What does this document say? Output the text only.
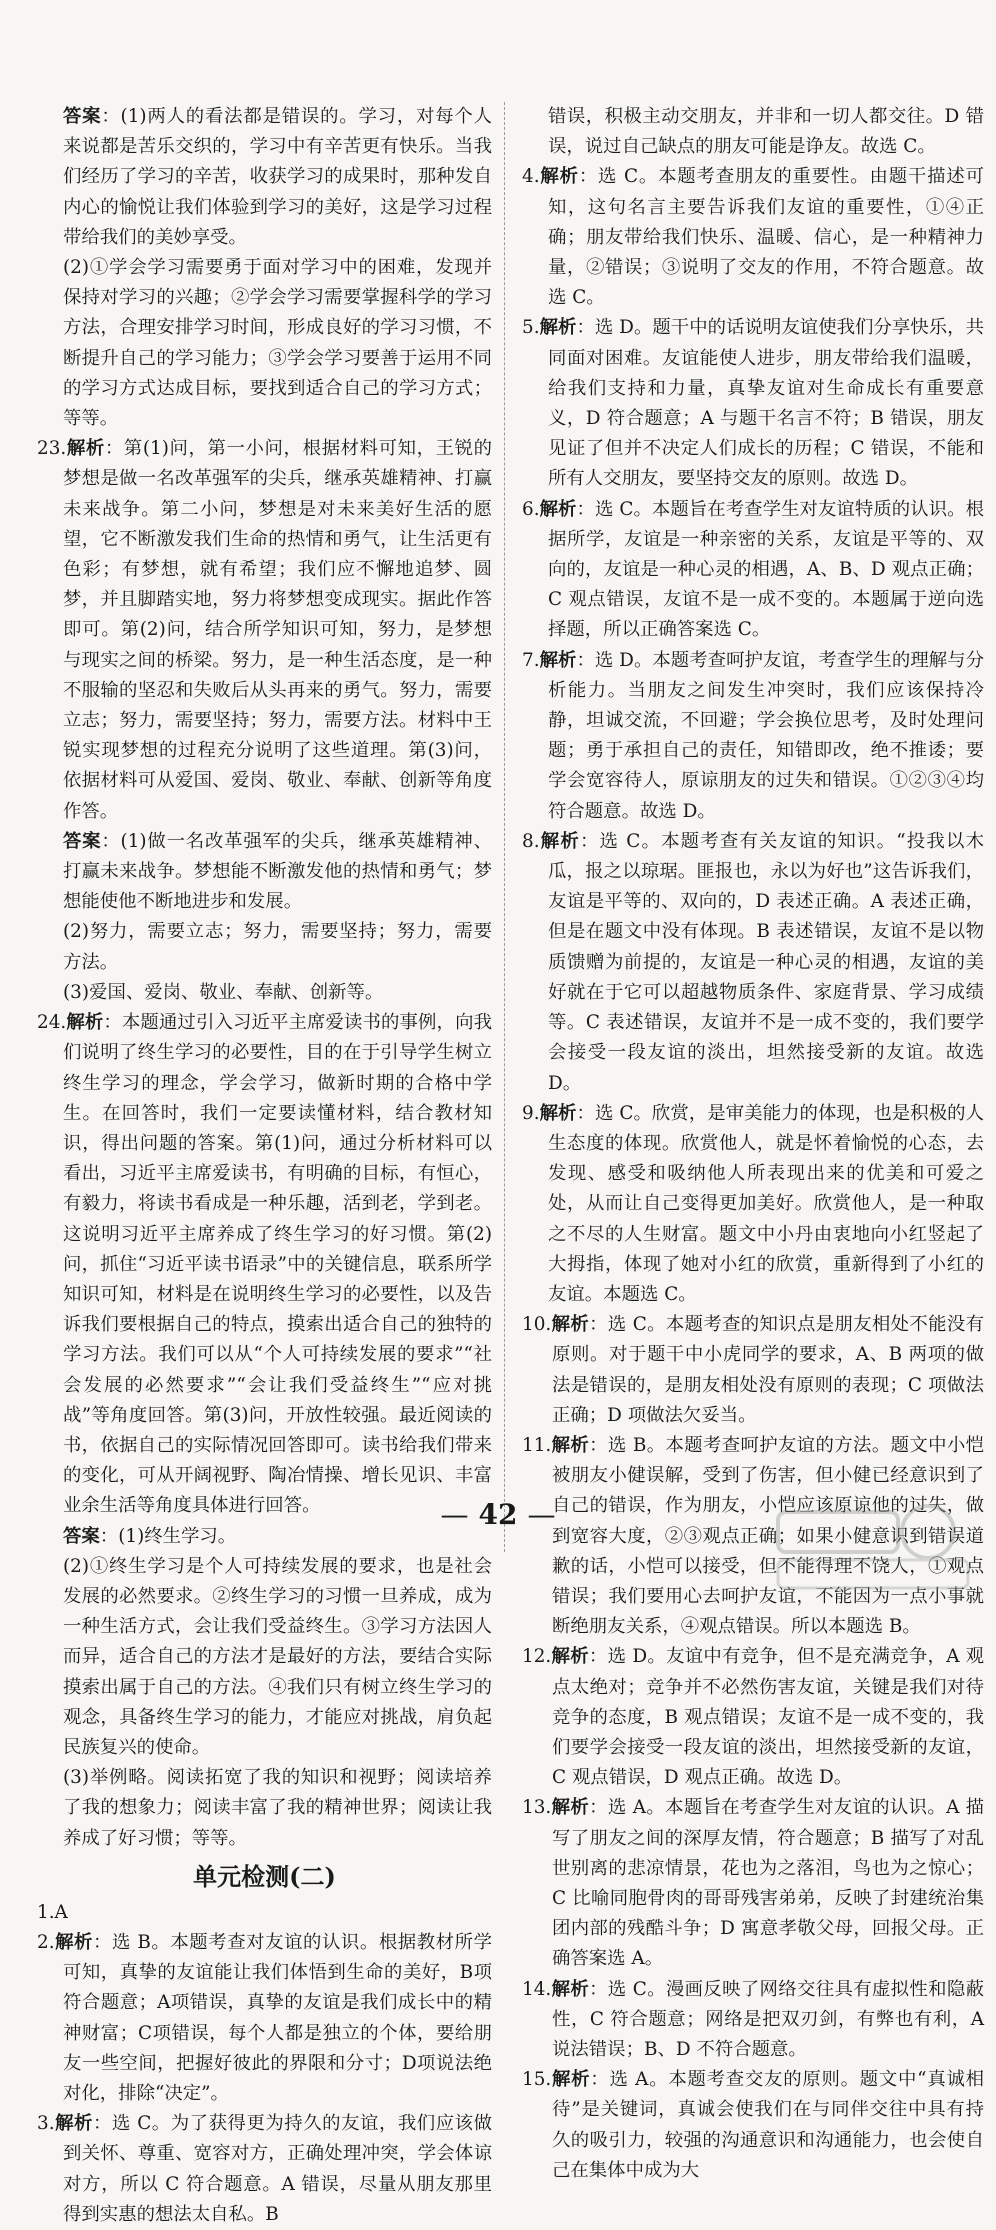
答案：(1)两人的看法都是错误的。学习，对每个人来说都是苦乐交织的，学习中有辛苦更有快乐。当我们经历了学习的辛苦，收获学习的成果时，那种发自内心的愉悦让我们体验到学习的美好，这是学习过程带给我们的美妙享受。

(2)①学会学习需要勇于面对学习中的困难，发现并保持对学习的兴趣；②学会学习需要掌握科学的学习方法，合理安排学习时间，形成良好的学习习惯，不断提升自己的学习能力；③学会学习要善于运用不同的学习方式达成目标，要找到适合自己的学习方式；等等。

23.解析：第(1)问，第一小问，根据材料可知，王锐的梦想是做一名改革强军的尖兵，继承英雄精神、打赢未来战争。第二小问，梦想是对未来美好生活的愿望，它不断激发我们生命的热情和勇气，让生活更有色彩；有梦想，就有希望；我们应不懈地追梦、圆梦，并且脚踏实地，努力将梦想变成现实。据此作答即可。第(2)问，结合所学知识可知，努力，是梦想与现实之间的桥梁。努力，是一种生活态度，是一种不服输的坚忍和失败后从头再来的勇气。努力，需要立志；努力，需要坚持；努力，需要方法。材料中王锐实现梦想的过程充分说明了这些道理。第(3)问，依据材料可从爱国、爱岗、敬业、奉献、创新等角度作答。

答案：(1)做一名改革强军的尖兵，继承英雄精神、打赢未来战争。梦想能不断激发他的热情和勇气；梦想能使他不断地进步和发展。

(2)努力，需要立志；努力，需要坚持；努力，需要方法。

(3)爱国、爱岗、敬业、奉献、创新等。

24.解析：本题通过引入习近平主席爱读书的事例，向我们说明了终生学习的必要性，目的在于引导学生树立终生学习的理念，学会学习，做新时期的合格中学生。在回答时，我们一定要读懂材料，结合教材知识，得出问题的答案。第(1)问，通过分析材料可以看出，习近平主席爱读书，有明确的目标，有恒心，有毅力，将读书看成是一种乐趣，活到老，学到老。这说明习近平主席养成了终生学习的好习惯。第(2)问，抓住“习近平读书语录”中的关键信息，联系所学知识可知，材料是在说明终生学习的必要性，以及告诉我们要根据自己的特点，摸索出适合自己的独特的学习方法。我们可以从“个人可持续发展的要求”“社会发展的必然要求”“会让我们受益终生”“应对挑战”等角度回答。第(3)问，开放性较强。最近阅读的书，依据自己的实际情况回答即可。读书给我们带来的变化，可从开阔视野、陶冶情操、增长见识、丰富业余生活等角度具体进行回答。

答案：(1)终生学习。

(2)①终生学习是个人可持续发展的要求，也是社会发展的必然要求。②终生学习的习惯一旦养成，成为一种生活方式，会让我们受益终生。③学习方法因人而异，适合自己的方法才是最好的方法，要结合实际摸索出属于自己的方法。④我们只有树立终生学习的观念，具备终生学习的能力，才能应对挑战，肩负起民族复兴的使命。

(3)举例略。阅读拓宽了我的知识和视野；阅读培养了我的想象力；阅读丰富了我的精神世界；阅读让我养成了好习惯；等等。

单元检测(二)

1.A

2.解析：选 B。本题考查对友谊的认识。根据教材所学可知，真挚的友谊能让我们体悟到生命的美好，B项符合题意；A项错误，真挚的友谊是我们成长中的精神财富；C项错误，每个人都是独立的个体，要给朋友一些空间，把握好彼此的界限和分寸；D项说法绝对化，排除“决定”。

3.解析：选 C。为了获得更为持久的友谊，我们应该做到关怀、尊重、宽容对方，正确处理冲突，学会体谅对方，所以 C 符合题意。A 错误，尽量从朋友那里得到实惠的想法太自私。B

错误，积极主动交朋友，并非和一切人都交往。D 错误，说过自己缺点的朋友可能是诤友。故选 C。

4.解析：选 C。本题考查朋友的重要性。由题干描述可知，这句名言主要告诉我们友谊的重要性，①④正确；朋友带给我们快乐、温暖、信心，是一种精神力量，②错误；③说明了交友的作用，不符合题意。故选 C。

5.解析：选 D。题干中的话说明友谊使我们分享快乐，共同面对困难。友谊能使人进步，朋友带给我们温暖，给我们支持和力量，真挚友谊对生命成长有重要意义，D 符合题意；A 与题干名言不符；B 错误，朋友见证了但并不决定人们成长的历程；C 错误，不能和所有人交朋友，要坚持交友的原则。故选 D。

6.解析：选 C。本题旨在考查学生对友谊特质的认识。根据所学，友谊是一种亲密的关系，友谊是平等的、双向的，友谊是一种心灵的相遇，A、B、D 观点正确；C 观点错误，友谊不是一成不变的。本题属于逆向选择题，所以正确答案选 C。

7.解析：选 D。本题考查呵护友谊，考查学生的理解与分析能力。当朋友之间发生冲突时，我们应该保持冷静，坦诚交流，不回避；学会换位思考，及时处理问题；勇于承担自己的责任，知错即改，绝不推诿；要学会宽容待人，原谅朋友的过失和错误。①②③④均符合题意。故选 D。

8.解析：选 C。本题考查有关友谊的知识。“投我以木瓜，报之以琼琚。匪报也，永以为好也”这告诉我们，友谊是平等的、双向的，D 表述正确。A 表述正确，但是在题文中没有体现。B 表述错误，友谊不是以物质馈赠为前提的，友谊是一种心灵的相遇，友谊的美好就在于它可以超越物质条件、家庭背景、学习成绩等。C 表述错误，友谊并不是一成不变的，我们要学会接受一段友谊的淡出，坦然接受新的友谊。故选 D。

9.解析：选 C。欣赏，是审美能力的体现，也是积极的人生态度的体现。欣赏他人，就是怀着愉悦的心态，去发现、感受和吸纳他人所表现出来的优美和可爱之处，从而让自己变得更加美好。欣赏他人，是一种取之不尽的人生财富。题文中小丹由衷地向小红竖起了大拇指，体现了她对小红的欣赏，重新得到了小红的友谊。本题选 C。

10.解析：选 C。本题考查的知识点是朋友相处不能没有原则。对于题干中小虎同学的要求，A、B 两项的做法是错误的，是朋友相处没有原则的表现；C 项做法正确；D 项做法欠妥当。

11.解析：选 B。本题考查呵护友谊的方法。题文中小恺被朋友小健误解，受到了伤害，但小健已经意识到了自己的错误，作为朋友，小恺应该原谅他的过失，做到宽容大度，②③观点正确；如果小健意识到错误道歉的话，小恺可以接受，但不能得理不饶人，①观点错误；我们要用心去呵护友谊，不能因为一点小事就断绝朋友关系，④观点错误。所以本题选 B。

12.解析：选 D。友谊中有竞争，但不是充满竞争，A 观点太绝对；竞争并不必然伤害友谊，关键是我们对待竞争的态度，B 观点错误；友谊不是一成不变的，我们要学会接受一段友谊的淡出，坦然接受新的友谊，C 观点错误，D 观点正确。故选 D。

13.解析：选 A。本题旨在考查学生对友谊的认识。A 描写了朋友之间的深厚友情，符合题意；B 描写了对乱世别离的悲凉情景，花也为之落泪，鸟也为之惊心；C 比喻同胞骨肉的哥哥残害弟弟，反映了封建统治集团内部的残酷斗争；D 寓意孝敬父母，回报父母。正确答案选 A。

14.解析：选 C。漫画反映了网络交往具有虚拟性和隐蔽性，C 符合题意；网络是把双刃剑，有弊也有利，A 说法错误；B、D 不符合题意。

15.解析：选 A。本题考查交友的原则。题文中“真诚相待”是关键词，真诚会使我们在与同伴交往中具有持久的吸引力，较强的沟通意识和沟通能力，也会使自己在集体中成为大

— 42 —
